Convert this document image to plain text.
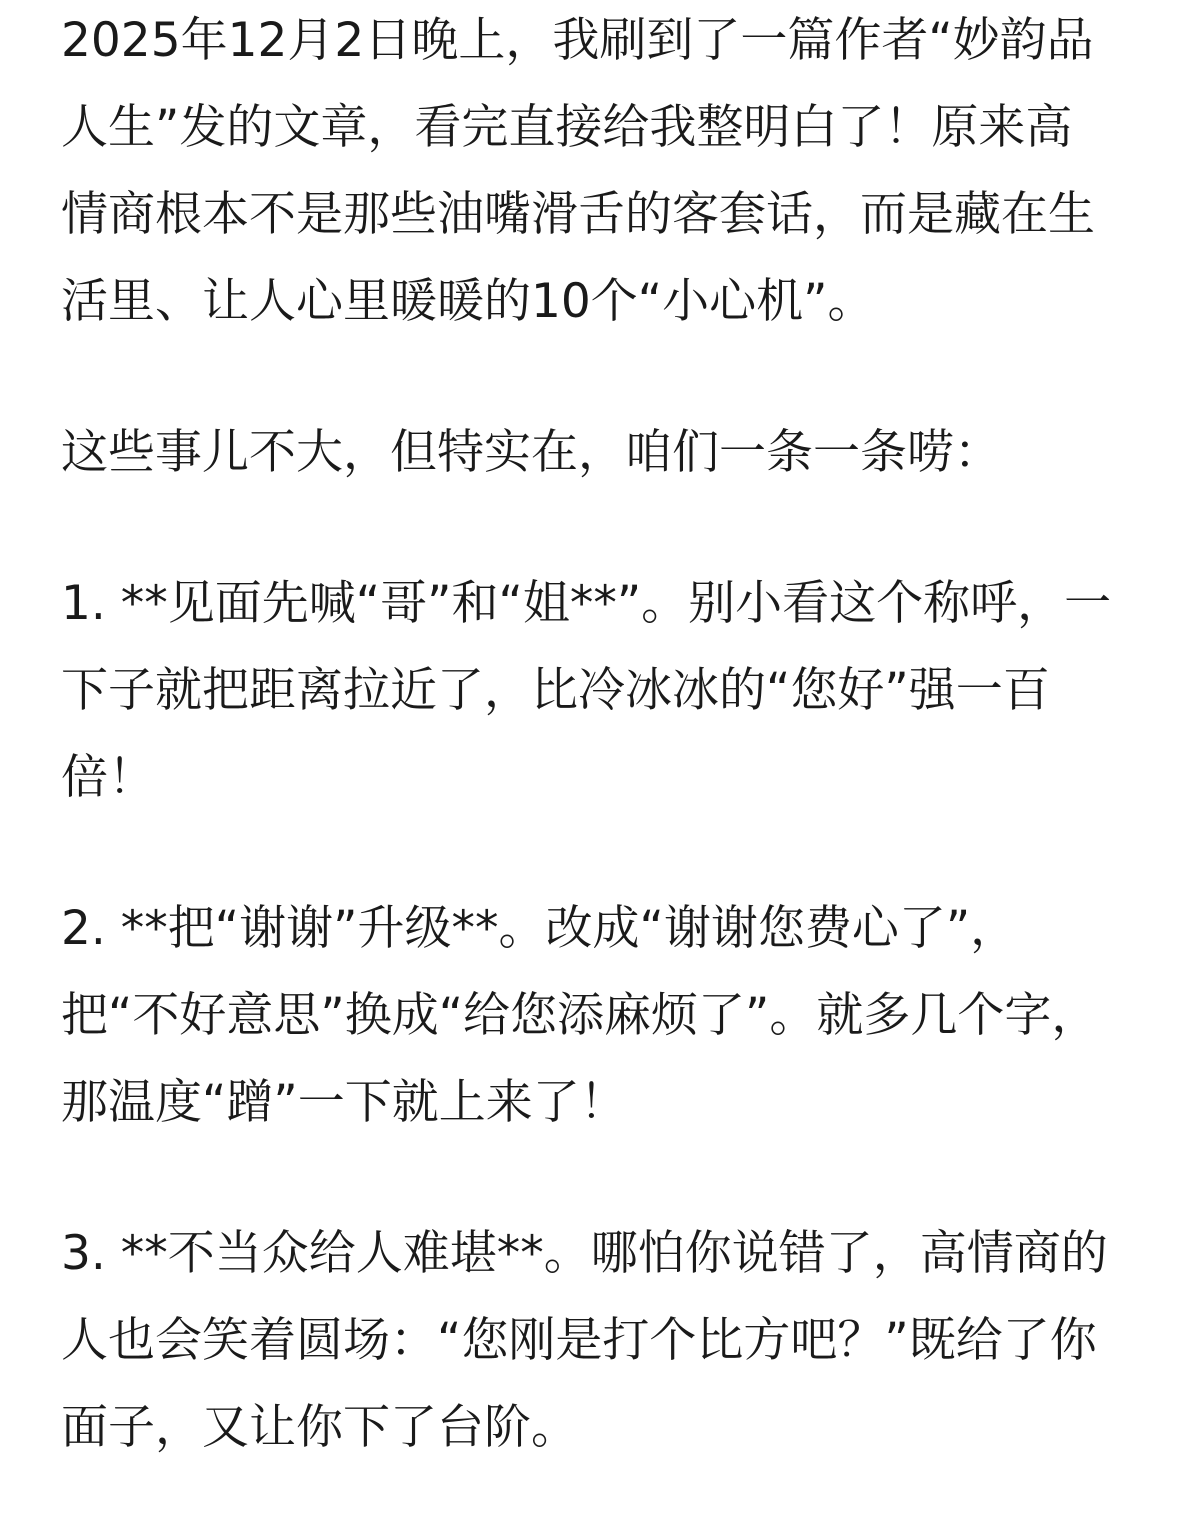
2025年12月2日晚上，我刷到了一篇作者“妙韵品人生”发的文章，看完直接给我整明白了！原来高情商根本不是那些油嘴滑舌的客套话，而是藏在生活里、让人心里暖暖的10个“小心机”。

这些事儿不大，但特实在，咱们一条一条唠：

1. **见面先喊“哥”和“姐**”。别小看这个称呼，一下子就把距离拉近了，比冷冰冰的“您好”强一百倍！

2. **把“谢谢”升级**。改成“谢谢您费心了”，把“不好意思”换成“给您添麻烦了”。就多几个字，那温度“蹭”一下就上来了！

3. **不当众给人难堪**。哪怕你说错了，高情商的人也会笑着圆场：“您刚是打个比方吧？”既给了你面子，又让你下了台阶。
